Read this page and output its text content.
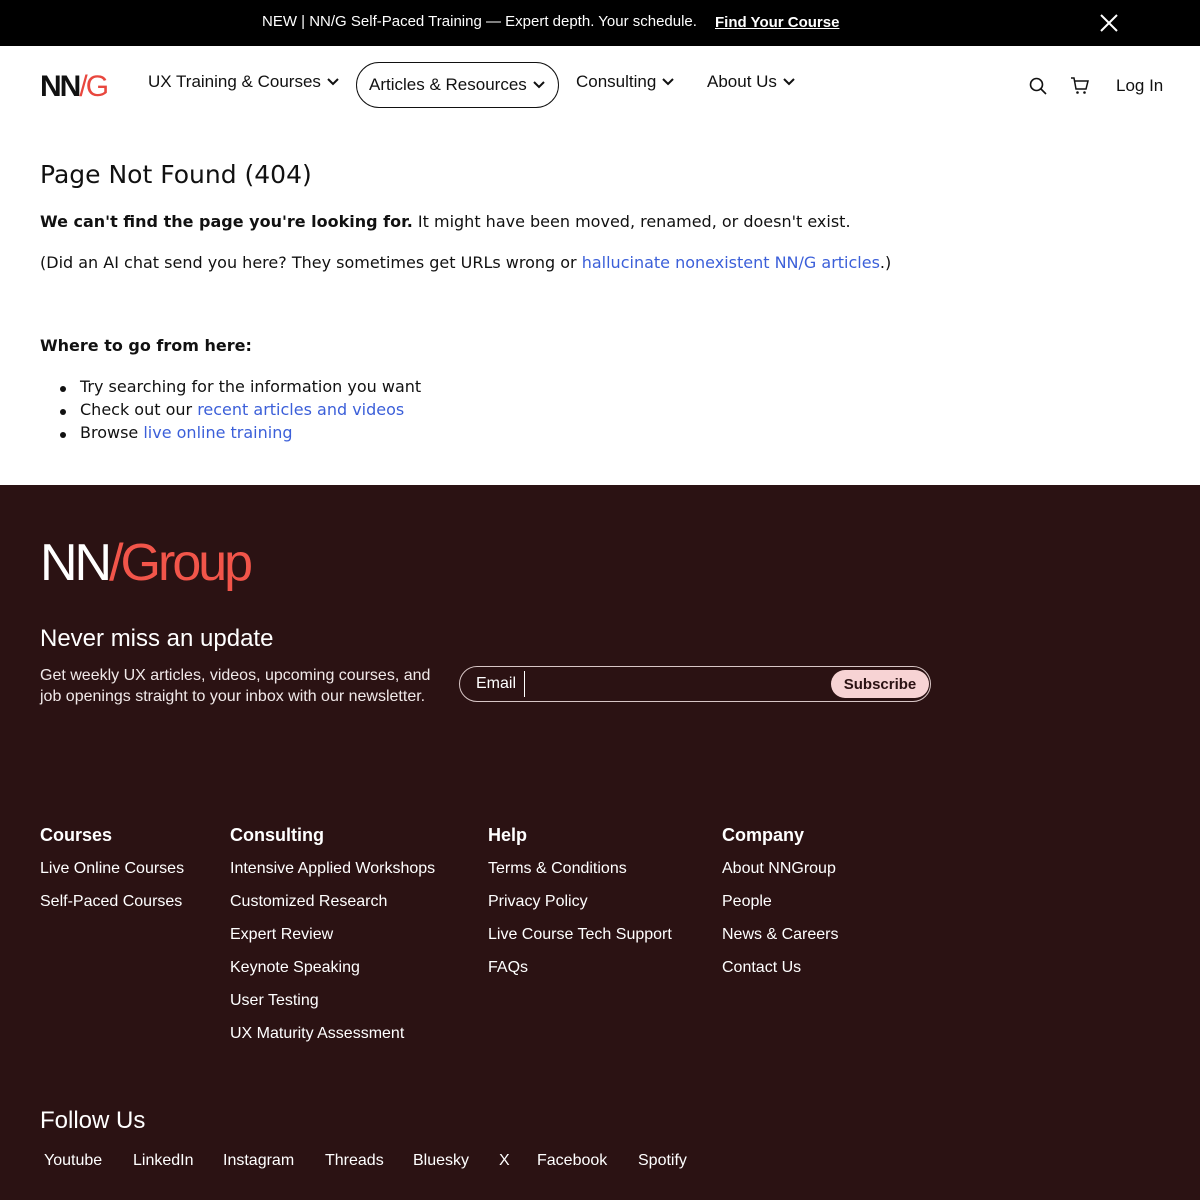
NEW | NN/G Self-Paced Training — Expert depth. Your schedule. Find Your Course
NN/G UX Training & Courses	Articles & Resources	Consulting	About Us	Log In
Page Not Found (404)

We can't find the page you're looking for. It might have been moved, renamed, or doesn't exist.

(Did an AI chat send you here? They sometimes get URLs wrong or hallucinate nonexistent NN/G articles.)

Where to go from here:

Try searching for the information you want
Check out our recent articles and videos
Browse live online training
NN/Group
Never miss an update

Get weekly UX articles, videos, upcoming courses, and job openings straight to your inbox with our newsletter.

Email	Subscribe
Courses
Live Online Courses
Self-Paced Courses
Consulting
Intensive Applied Workshops
Customized Research
Expert Review
Keynote Speaking
User Testing
UX Maturity Assessment
Help
Terms & Conditions
Privacy Policy
Live Course Tech Support
FAQs
Company
About NNGroup
People
News & Careers
Contact Us
Follow Us
Youtube LinkedIn Instagram Threads Bluesky X Facebook Spotify
